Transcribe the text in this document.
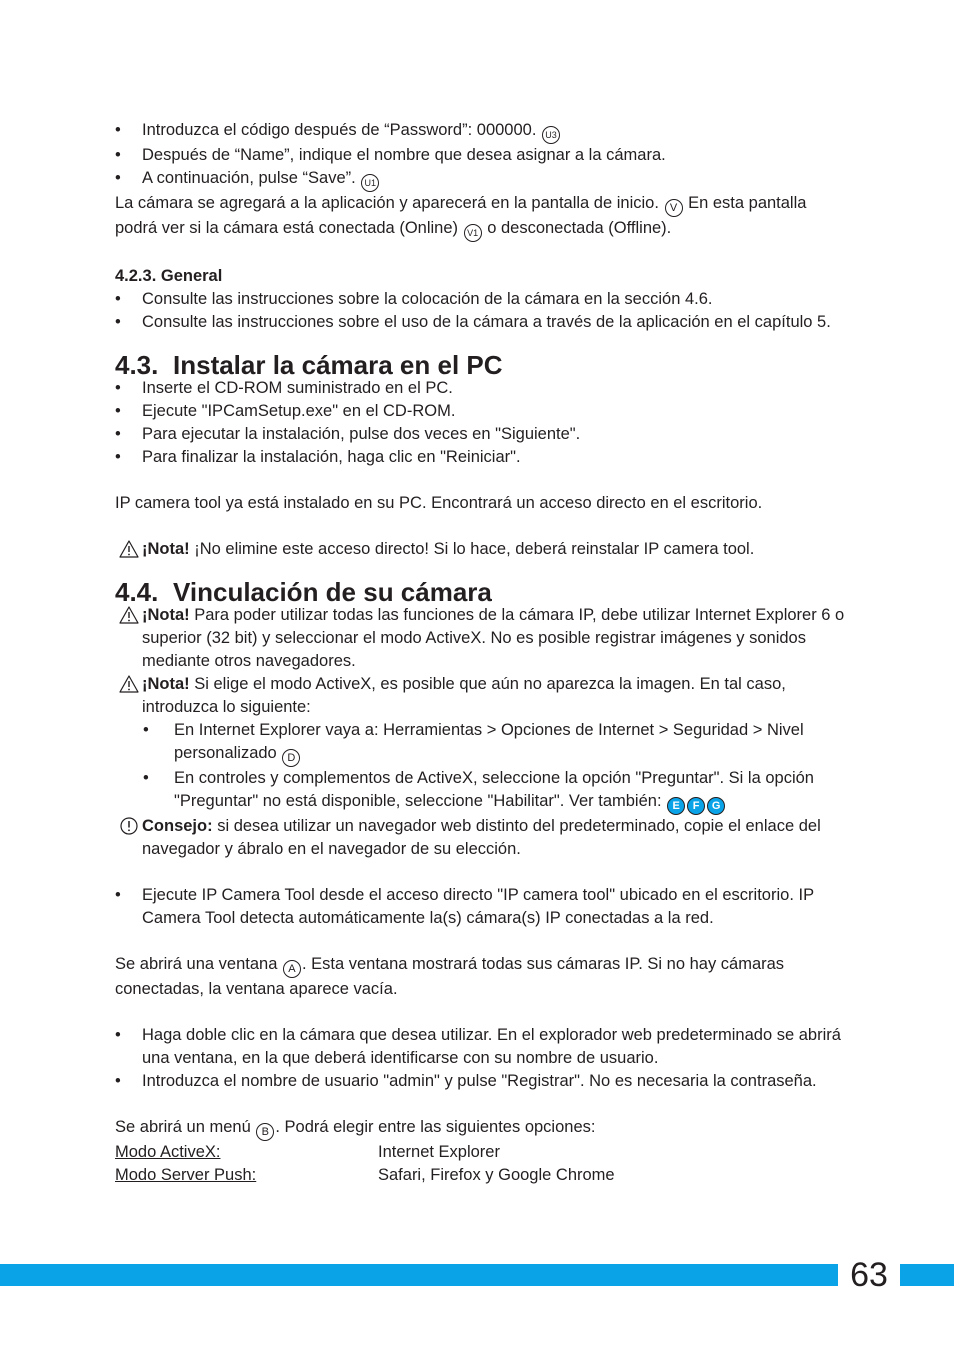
• Introduzca el código después de “Password”: 000000. U3
• Después de “Name”, indique el nombre que desea asignar a la cámara.
• A continuación, pulse “Save”. U1
La cámara se agregará a la aplicación y aparecerá en la pantalla de inicio. V En esta pantalla podrá ver si la cámara está conectada (Online) V1 o desconectada (Offline).
4.2.3. General
• Consulte las instrucciones sobre la colocación de la cámara en la sección 4.6.
• Consulte las instrucciones sobre el uso de la cámara a través de la aplicación en el capítulo 5.
4.3. Instalar la cámara en el PC
• Inserte el CD-ROM suministrado en el PC.
• Ejecute "IPCamSetup.exe" en el CD-ROM.
• Para ejecutar la instalación, pulse dos veces en "Siguiente".
• Para finalizar la instalación, haga clic en "Reiniciar".
IP camera tool ya está instalado en su PC. Encontrará un acceso directo en el escritorio.
¡Nota! ¡No elimine este acceso directo! Si lo hace, deberá reinstalar IP camera tool.
4.4. Vinculación de su cámara
¡Nota! Para poder utilizar todas las funciones de la cámara IP, debe utilizar Internet Explorer 6 o superior (32 bit) y seleccionar el modo ActiveX. No es posible registrar imágenes y sonidos mediante otros navegadores.
¡Nota! Si elige el modo ActiveX, es posible que aún no aparezca la imagen. En tal caso, introduzca lo siguiente:
• En Internet Explorer vaya a: Herramientas > Opciones de Internet > Seguridad > Nivel personalizado D
• En controles y complementos de ActiveX, seleccione la opción "Preguntar". Si la opción "Preguntar" no está disponible, seleccione "Habilitar". Ver también: E F G
Consejo: si desea utilizar un navegador web distinto del predeterminado, copie el enlace del navegador y ábralo en el navegador de su elección.
• Ejecute IP Camera Tool desde el acceso directo "IP camera tool" ubicado en el escritorio. IP Camera Tool detecta automáticamente la(s) cámara(s) IP conectadas a la red.
Se abrirá una ventana A . Esta ventana mostrará todas sus cámaras IP. Si no hay cámaras conectadas, la ventana aparece vacía.
• Haga doble clic en la cámara que desea utilizar. En el explorador web predeterminado se abrirá una ventana, en la que deberá identificarse con su nombre de usuario.
• Introduzca el nombre de usuario "admin" y pulse "Registrar". No es necesaria la contraseña.
Se abrirá un menú B . Podrá elegir entre las siguientes opciones:
Modo ActiveX:	Internet Explorer
Modo Server Push:	Safari, Firefox y Google Chrome
63
